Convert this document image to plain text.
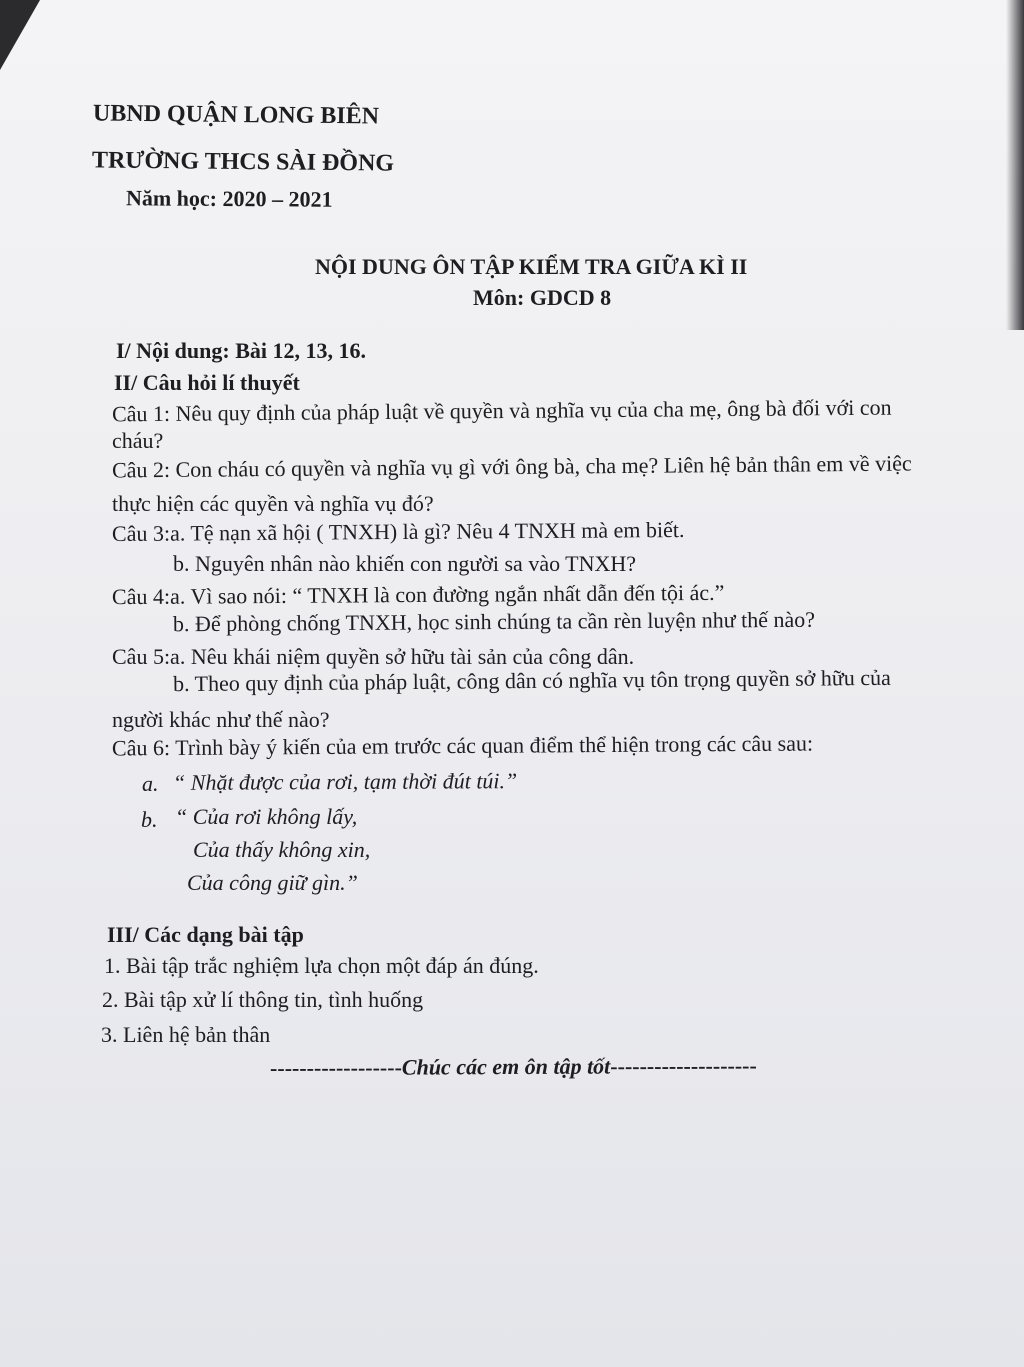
UBND QUẬN LONG BIÊN
TRƯỜNG THCS SÀI ĐỒNG
Năm học: 2020 – 2021
NỘI DUNG ÔN TẬP KIỂM TRA GIỮA KÌ II
Môn: GDCD 8
I/ Nội dung: Bài 12, 13, 16.
II/ Câu hỏi lí thuyết
Câu 1: Nêu quy định của pháp luật về quyền và nghĩa vụ của cha mẹ, ông bà đối với con
cháu?
Câu 2: Con cháu có quyền và nghĩa vụ gì với ông bà, cha mẹ? Liên hệ bản thân em về việc
thực hiện các quyền và nghĩa vụ đó?
Câu 3:a. Tệ nạn xã hội ( TNXH) là gì? Nêu 4 TNXH mà em biết.
b. Nguyên nhân nào khiến con người sa vào TNXH?
Câu 4:a. Vì sao nói: “ TNXH là con đường ngắn nhất dẫn đến tội ác.”
b. Để phòng chống TNXH, học sinh chúng ta cần rèn luyện như thế nào?
Câu 5:a. Nêu khái niệm quyền sở hữu tài sản của công dân.
b. Theo quy định của pháp luật, công dân có nghĩa vụ tôn trọng quyền sở hữu của
người khác như thế nào?
Câu 6: Trình bày ý kiến của em trước các quan điểm thể hiện trong các câu sau:
a. “ Nhặt được của rơi, tạm thời đút túi.”
b. “ Của rơi không lấy,
Của thấy không xin,
Của công giữ gìn.”
III/ Các dạng bài tập
1. Bài tập trắc nghiệm lựa chọn một đáp án đúng.
2. Bài tập xử lí thông tin, tình huống
3. Liên hệ bản thân
------------------Chúc các em ôn tập tốt--------------------
